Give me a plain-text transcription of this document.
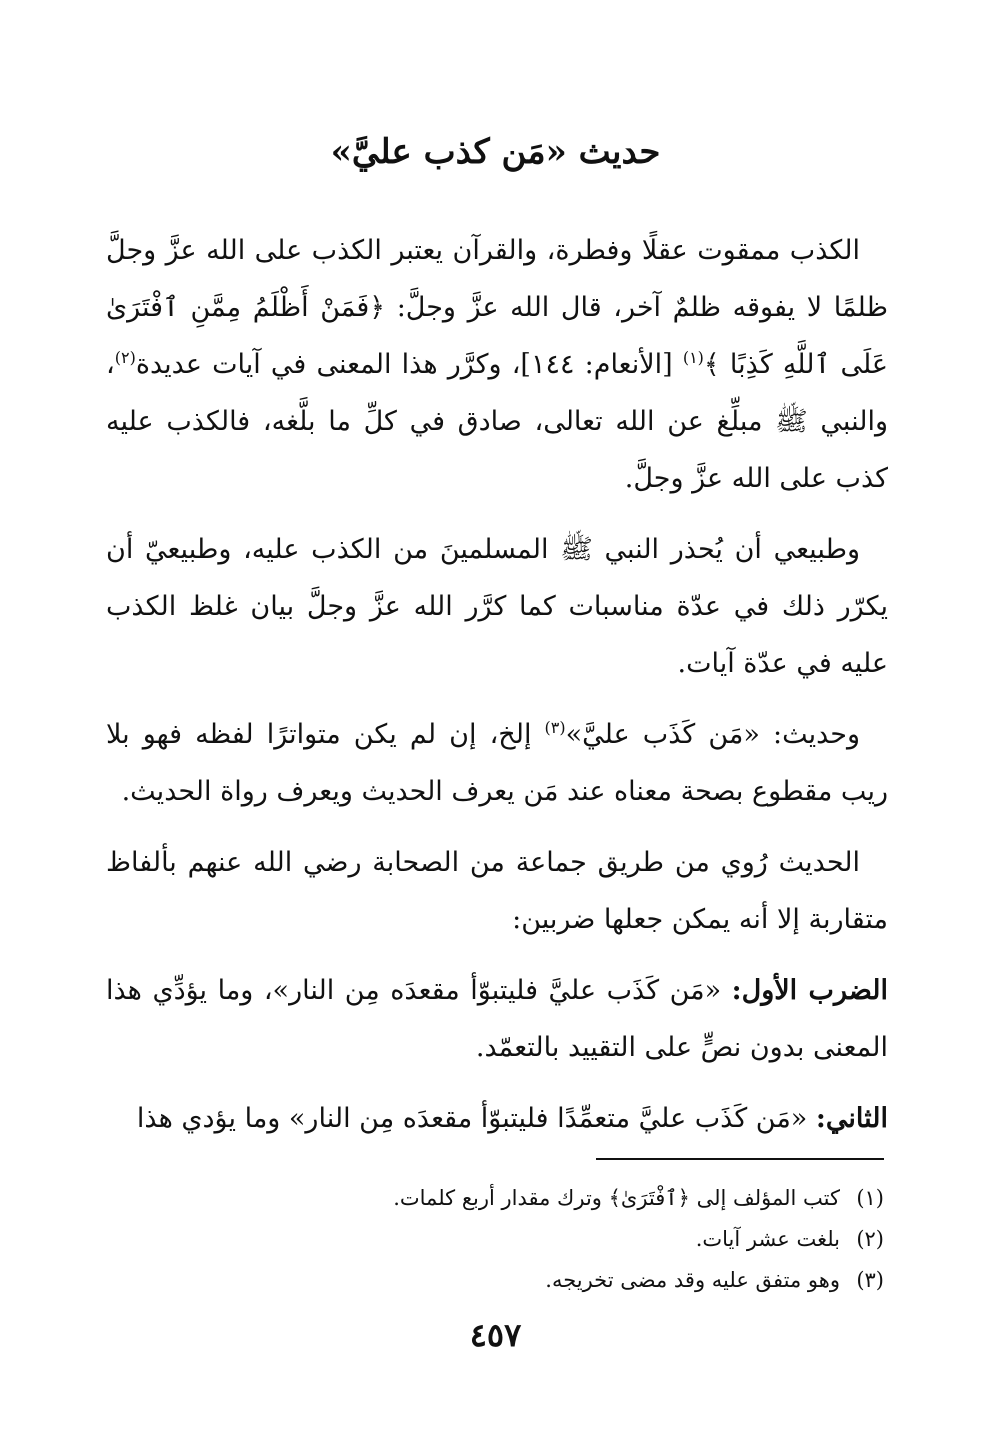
حديث «مَن كذب عليَّ»

الكذب ممقوت عقلًا وفطرة، والقرآن يعتبر الكذب على الله عزَّ وجلَّ ظلمًا لا يفوقه ظلمٌ آخر، قال الله عزَّ وجلَّ: ﴿فَمَنْ أَظْلَمُ مِمَّنِ ٱفْتَرَىٰ عَلَى ٱللَّهِ كَذِبًا ﴾$^{(١)}$ [الأنعام: ١٤٤]، وكرَّر هذا المعنى في آيات عديدة$^{(٢)}$، والنبي ﷺ مبلِّغ عن الله تعالى، صادق في كلِّ ما بلَّغه، فالكذب عليه كذب على الله عزَّ وجلَّ.

وطبيعي أن يُحذر النبي ﷺ المسلمينَ من الكذب عليه، وطبيعيّ أن يكرّر ذلك في عدّة مناسبات كما كرَّر الله عزَّ وجلَّ بيان غلظ الكذب عليه في عدّة آيات.

وحديث: «مَن كَذَب عليَّ»$^{(٣)}$ إلخ، إن لم يكن متواترًا لفظه فهو بلا ريب مقطوع بصحة معناه عند مَن يعرف الحديث ويعرف رواة الحديث.

الحديث رُوي من طريق جماعة من الصحابة رضي الله عنهم بألفاظ متقاربة إلا أنه يمكن جعلها ضربين:

الضرب الأول: «مَن كَذَب عليَّ فليتبوّأ مقعدَه مِن النار»، وما يؤدِّي هذا المعنى بدون نصٍّ على التقييد بالتعمّد.

الثاني: «مَن كَذَب عليَّ متعمِّدًا فليتبوّأ مقعدَه مِن النار» وما يؤدي هذا

(١)كتب المؤلف إلى ﴿ٱفْتَرَىٰ﴾ وترك مقدار أربع كلمات.

(٢)بلغت عشر آيات.

(٣)وهو متفق عليه وقد مضى تخريجه.

٤٥٧
